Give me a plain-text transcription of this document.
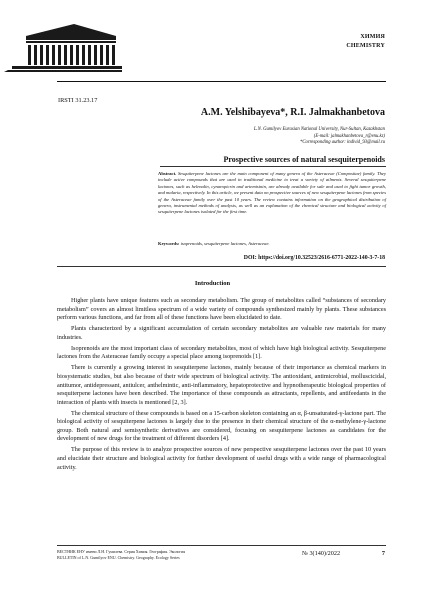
ХИМИЯ
CHEMISTRY
IRSTI 31.23.17
A.M. Yelshibayeva*, R.I. Jalmakhanbetova
L.N. Gumilyov Eurasian National University, Nur-Sultan, Kazakhstan
(E-mail: jalmakhanbetova_r@enu.kz)
*Corresponding author: individ_93@mail.ru
Prospective sources of natural sesquiterpenoids
Abstract. Sesquiterpene lactones are the main component of many genera of the Asteraceae (Compositae) family. They include active compounds that are used in traditional medicine to treat a variety of ailments. Several sesquiterpene lactones, such as helenalin, cynaropicrin and artemisinin, are already available for sale and used to fight tumor growth, and malaria, respectively. In this article, we present data on prospective sources of new sesquiterpene lactones from species of the Asteraceae family over the past 10 years. The review contains information on the geographical distribution of genera, instrumental methods of analysis, as well as an explanation of the chemical structure and biological activity of sesquiterpene lactones isolated for the first time.
Keywords: isoprenoids, sesquiterpene lactones, Asteraceae.
DOI: https://doi.org/10.32523/2616-6771-2022-140-3-7-18
Introduction

Higher plants have unique features such as secondary metabolism. The group of metabolites called “substances of secondary metabolism” covers an almost limitless spectrum of a wide variety of compounds synthesized mainly by plants. These substances perform various functions, and far from all of these functions have been elucidated to date.

Plants characterized by a significant accumulation of certain secondary metabolites are valuable raw materials for many industries.

Isoprenoids are the most important class of secondary metabolites, most of which have high biological activity. Sesquiterpene lactones from the Asteraceae family occupy a special place among isoprenoids [1].

There is currently a growing interest in sesquiterpene lactones, mainly because of their importance as chemical markers in biosystematic studies, but also because of their wide spectrum of biological activity. The antioxidant, antimicrobial, molluscicidal, antitumor, antidepressant, antiulcer, anthelmintic, anti-inflammatory, hepatoprotective and hypnotherapeutic biological properties of sesquiterpene lactones have been described. The importance of these compounds as attractants, repellents, and antifeedants in the interaction of plants with insects is mentioned [2, 3].

The chemical structure of these compounds is based on a 15-carbon skeleton containing an α, β-unsaturated-γ-lactone part. The biological activity of sesquiterpene lactones is largely due to the presence in their chemical structure of the α-methylene-γ-lactone group. Both natural and semisynthetic derivatives are considered, focusing on sesquiterpene lactones as candidates for the development of new drugs for the treatment of different disorders [4].

The purpose of this review is to analyze prospective sources of new perspective sesquiterpene lactones over the past 10 years and elucidate their structure and biological activity for further development of useful drugs with a wide range of pharmacological activity.

ВЕСТНИК ЕНУ имени Л.Н. Гумилева. Серия Химия. География. Экология
BULLETIN of L.N. Gumilyov ENU. Chemistry. Geography. Ecology Series
№ 3(140)/2022	7
